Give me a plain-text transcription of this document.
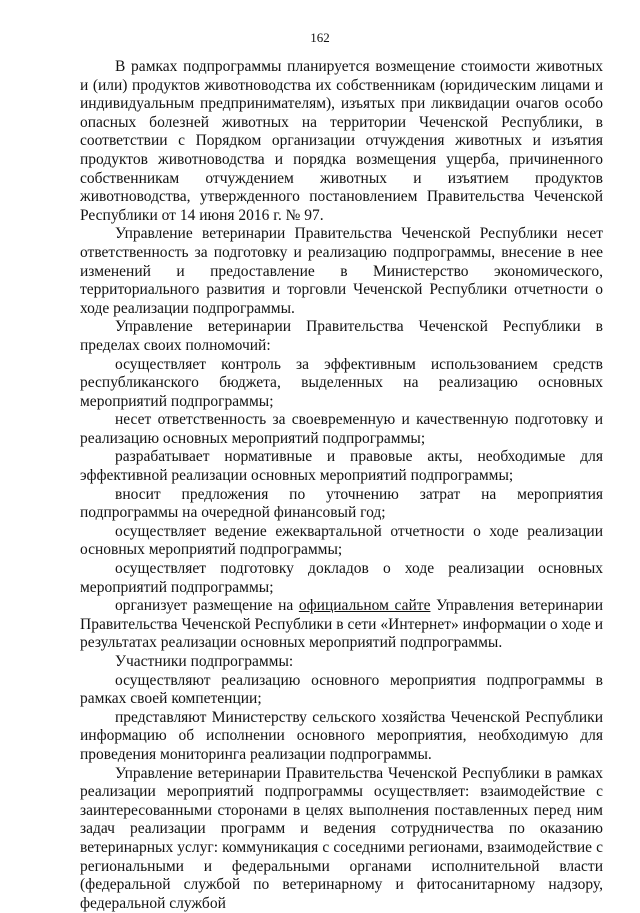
162

В рамках подпрограммы планируется возмещение стоимости животных и (или) продуктов животноводства их собственникам (юридическим лицами и индивидуальным предпринимателям), изъятых при ликвидации очагов особо опасных болезней животных на территории Чеченской Республики, в соответствии с Порядком организации отчуждения животных и изъятия продуктов животноводства и порядка возмещения ущерба, причиненного собственникам отчуждением животных и изъятием продуктов животноводства, утвержденного постановлением Правительства Чеченской Республики от 14 июня 2016 г. № 97.

Управление ветеринарии Правительства Чеченской Республики несет ответственность за подготовку и реализацию подпрограммы, внесение в нее изменений и предоставление в Министерство экономического, территориального развития и торговли Чеченской Республики отчетности о ходе реализации подпрограммы.

Управление ветеринарии Правительства Чеченской Республики в пределах своих полномочий:

осуществляет контроль за эффективным использованием средств республиканского бюджета, выделенных на реализацию основных мероприятий подпрограммы;

несет ответственность за своевременную и качественную подготовку и реализацию основных мероприятий подпрограммы;

разрабатывает нормативные и правовые акты, необходимые для эффективной реализации основных мероприятий подпрограммы;

вносит предложения по уточнению затрат на мероприятия подпрограммы на очередной финансовый год;

осуществляет ведение ежеквартальной отчетности о ходе реализации основных мероприятий подпрограммы;

осуществляет подготовку докладов о ходе реализации основных мероприятий подпрограммы;

организует размещение на официальном сайте Управления ветеринарии Правительства Чеченской Республики в сети «Интернет» информации о ходе и результатах реализации основных мероприятий подпрограммы.

Участники подпрограммы:

осуществляют реализацию основного мероприятия подпрограммы в рамках своей компетенции;

представляют Министерству сельского хозяйства Чеченской Республики информацию об исполнении основного мероприятия, необходимую для проведения мониторинга реализации подпрограммы.

Управление ветеринарии Правительства Чеченской Республики в рамках реализации мероприятий подпрограммы осуществляет: взаимодействие с заинтересованными сторонами в целях выполнения поставленных перед ним задач реализации программ и ведения сотрудничества по оказанию ветеринарных услуг: коммуникация с соседними регионами, взаимодействие с региональными и федеральными органами исполнительной власти (федеральной службой по ветеринарному и фитосанитарному надзору, федеральной службой
